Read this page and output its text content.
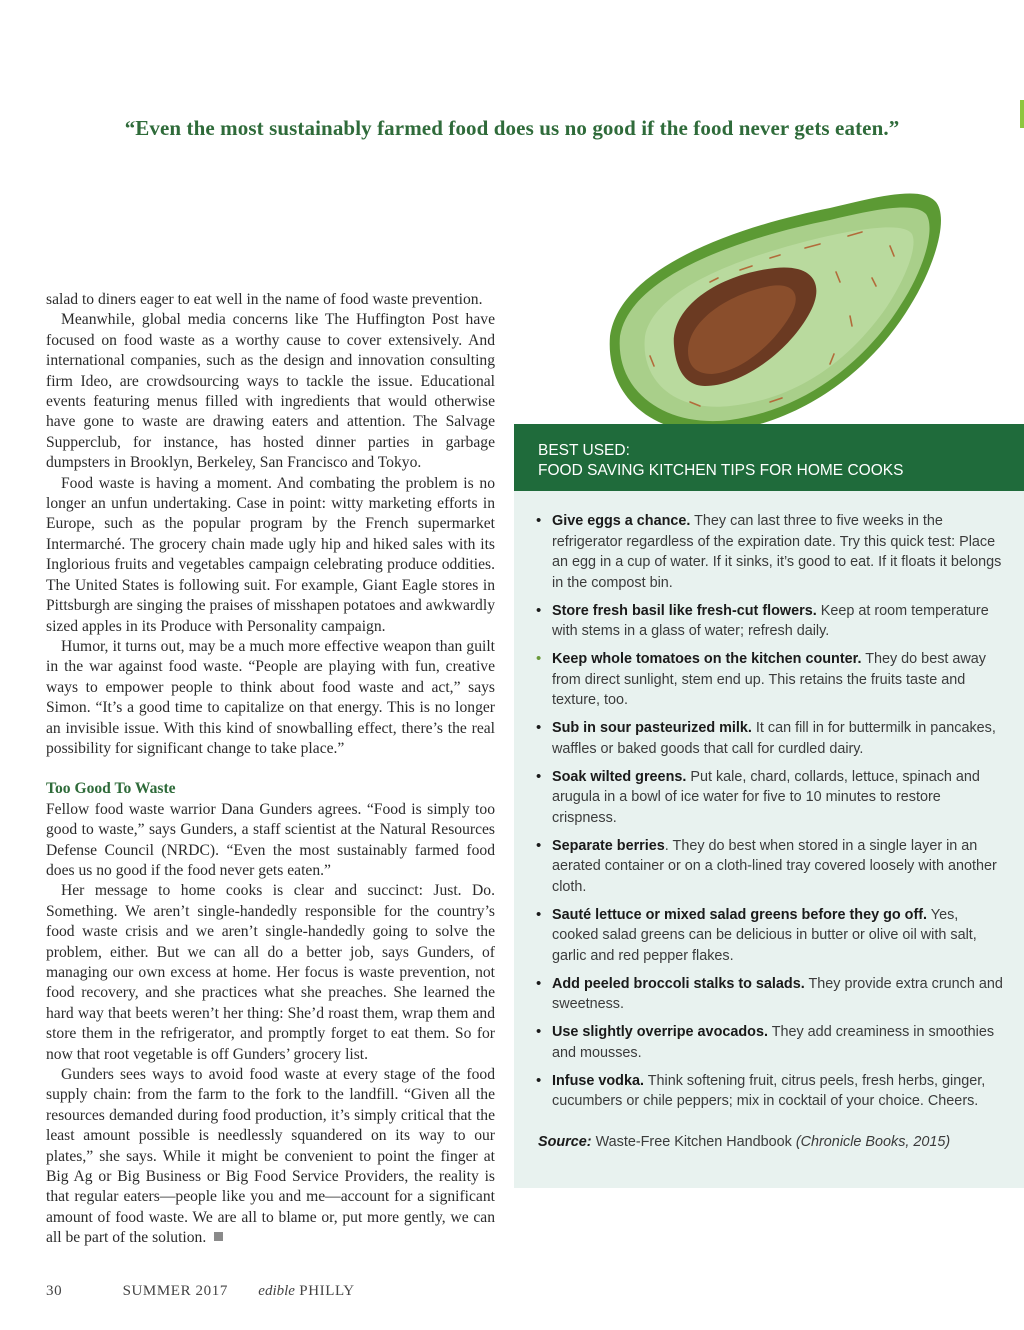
“Even the most sustainably farmed food does us no good if the food never gets eaten.”

salad to diners eager to eat well in the name of food waste prevention.

Meanwhile, global media concerns like The Huffington Post have focused on food waste as a worthy cause to cover extensively. And international companies, such as the design and innovation consulting firm Ideo, are crowdsourcing ways to tackle the issue. Educational events featuring menus filled with ingredients that would otherwise have gone to waste are drawing eaters and attention. The Salvage Supperclub, for instance, has hosted dinner parties in garbage dumpsters in Brooklyn, Berkeley, San Francisco and Tokyo.

Food waste is having a moment. And combating the problem is no longer an unfun undertaking. Case in point: witty marketing efforts in Europe, such as the popular program by the French supermarket Intermarché. The grocery chain made ugly hip and hiked sales with its Inglorious fruits and vegetables campaign celebrating produce oddities. The United States is following suit. For example, Giant Eagle stores in Pittsburgh are singing the praises of misshapen potatoes and awkwardly sized apples in its Produce with Personality campaign.

Humor, it turns out, may be a much more effective weapon than guilt in the war against food waste. “People are playing with fun, creative ways to empower people to think about food waste and act,” says Simon. “It’s a good time to capitalize on that energy. This is no longer an invisible issue. With this kind of snowballing effect, there’s the real possibility for significant change to take place.”

Too Good To Waste

Fellow food waste warrior Dana Gunders agrees. “Food is simply too good to waste,” says Gunders, a staff scientist at the Natural Resources Defense Council (NRDC). “Even the most sustainably farmed food does us no good if the food never gets eaten.”

Her message to home cooks is clear and succinct: Just. Do. Something. We aren’t single-handedly responsible for the country’s food waste crisis and we aren’t single-handedly going to solve the problem, either. But we can all do a better job, says Gunders, of managing our own excess at home. Her focus is waste prevention, not food recovery, and she practices what she preaches. She learned the hard way that beets weren’t her thing: She’d roast them, wrap them and store them in the refrigerator, and promptly forget to eat them. So for now that root vegetable is off Gunders’ grocery list.

Gunders sees ways to avoid food waste at every stage of the food supply chain: from the farm to the fork to the landfill. “Given all the resources demanded during food production, it’s simply critical that the least amount possible is needlessly squandered on its way to our plates,” she says. While it might be convenient to point the finger at Big Ag or Big Business or Big Food Service Providers, the reality is that regular eaters—people like you and me—account for a significant amount of food waste. We are all to blame or, put more gently, we can all be part of the solution.

BEST USED:
FOOD SAVING KITCHEN TIPS FOR HOME COOKS
• Give eggs a chance. They can last three to five weeks in the refrigerator regardless of the expiration date. Try this quick test: Place an egg in a cup of water. If it sinks, it’s good to eat. If it floats it belongs in the compost bin.
• Store fresh basil like fresh-cut flowers. Keep at room temperature with stems in a glass of water; refresh daily.
• Keep whole tomatoes on the kitchen counter. They do best away from direct sunlight, stem end up. This retains the fruits taste and texture, too.
• Sub in sour pasteurized milk. It can fill in for buttermilk in pancakes, waffles or baked goods that call for curdled dairy.
• Soak wilted greens. Put kale, chard, collards, lettuce, spinach and arugula in a bowl of ice water for five to 10 minutes to restore crispness.
• Separate berries. They do best when stored in a single layer in an aerated container or on a cloth-lined tray covered loosely with another cloth.
• Sauté lettuce or mixed salad greens before they go off. Yes, cooked salad greens can be delicious in butter or olive oil with salt, garlic and red pepper flakes.
• Add peeled broccoli stalks to salads. They provide extra crunch and sweetness.
• Use slightly overripe avocados. They add creaminess in smoothies and mousses.
• Infuse vodka. Think softening fruit, citrus peels, fresh herbs, ginger, cucumbers or chile peppers; mix in cocktail of your choice. Cheers.
Source: Waste-Free Kitchen Handbook (Chronicle Books, 2015)
30	SUMMER 2017 edible PHILLY
